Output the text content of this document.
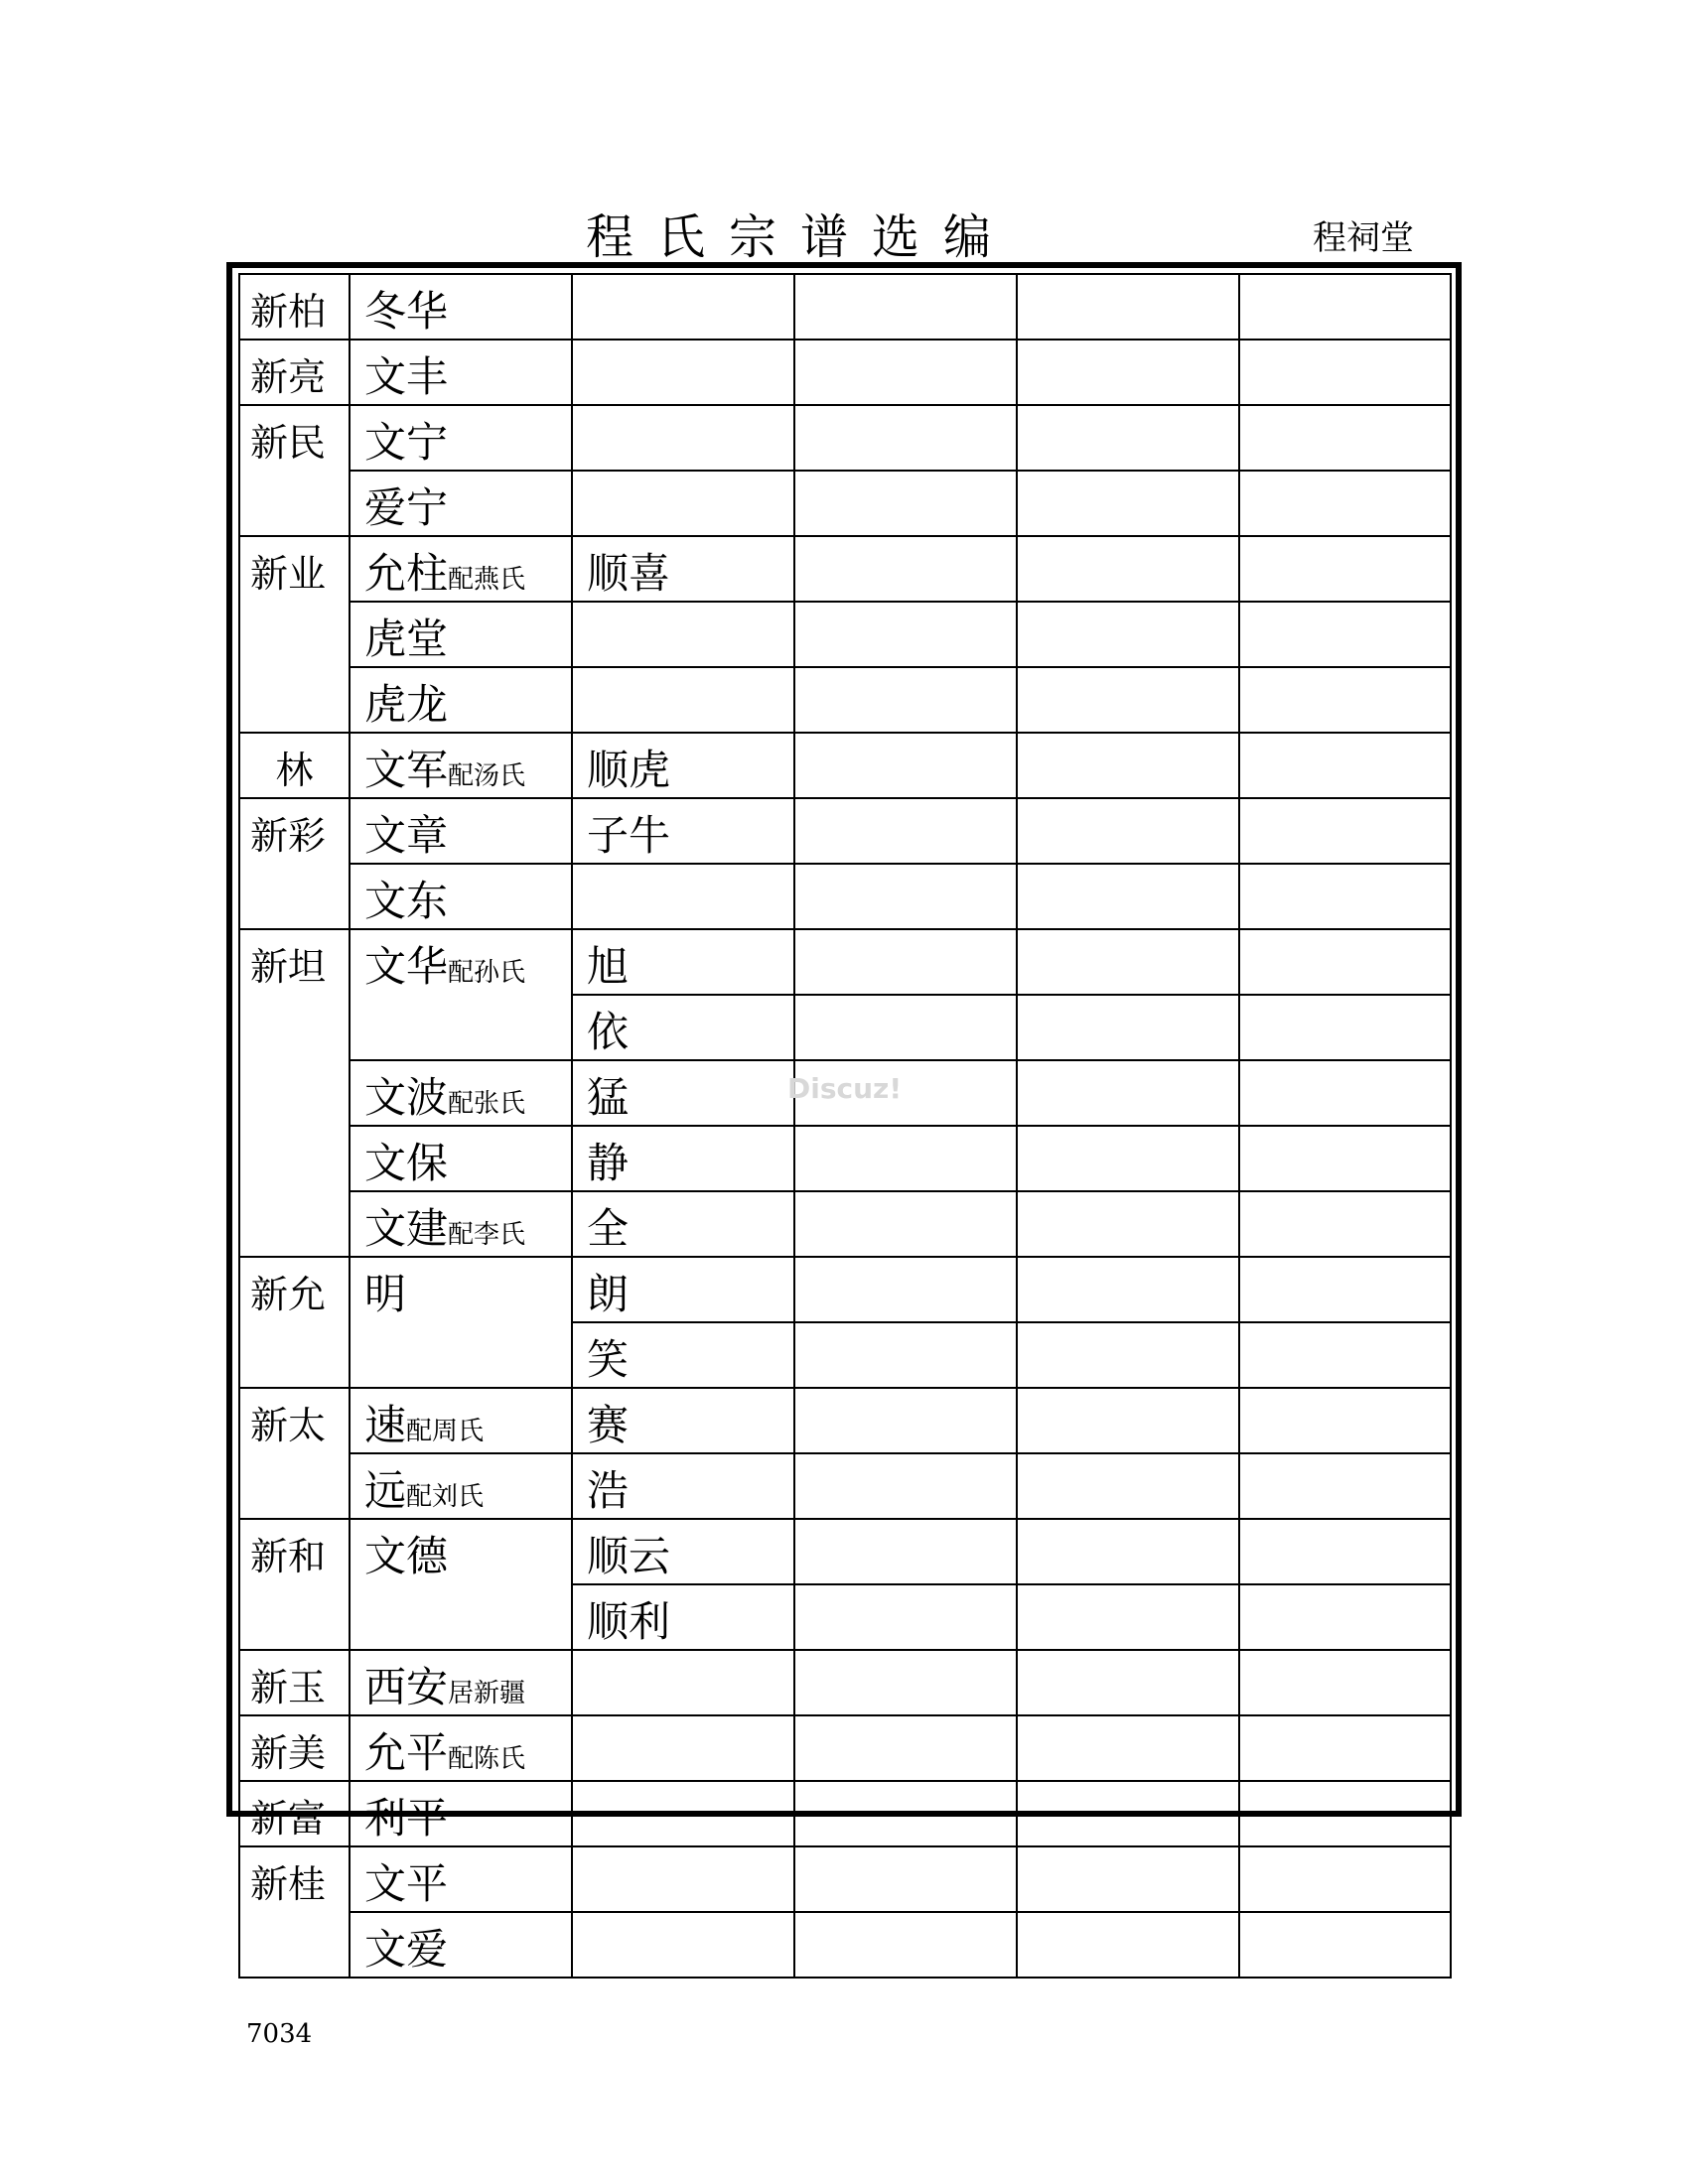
程氏宗谱选编	程祠堂
新柏	冬华				
新亮	文丰				
新民	文宁				
	爱宁				
新业	允柱配燕氏	顺喜			
	虎堂				
	虎龙				
林	文军配汤氏	顺虎			
新彩	文章	子牛			
	文东				
新坦	文华配孙氏	旭			
		依			
	文波配张氏	猛			
	文保	静			
	文建配李氏	全			
新允	明	朗			
		笑			
新太	速配周氏	赛			
	远配刘氏	浩			
新和	文德	顺云			
		顺利			
新玉	西安居新疆				
新美	允平配陈氏				
新富	利平				
新桂	文平				
	文爱				
Discuz!
7034
